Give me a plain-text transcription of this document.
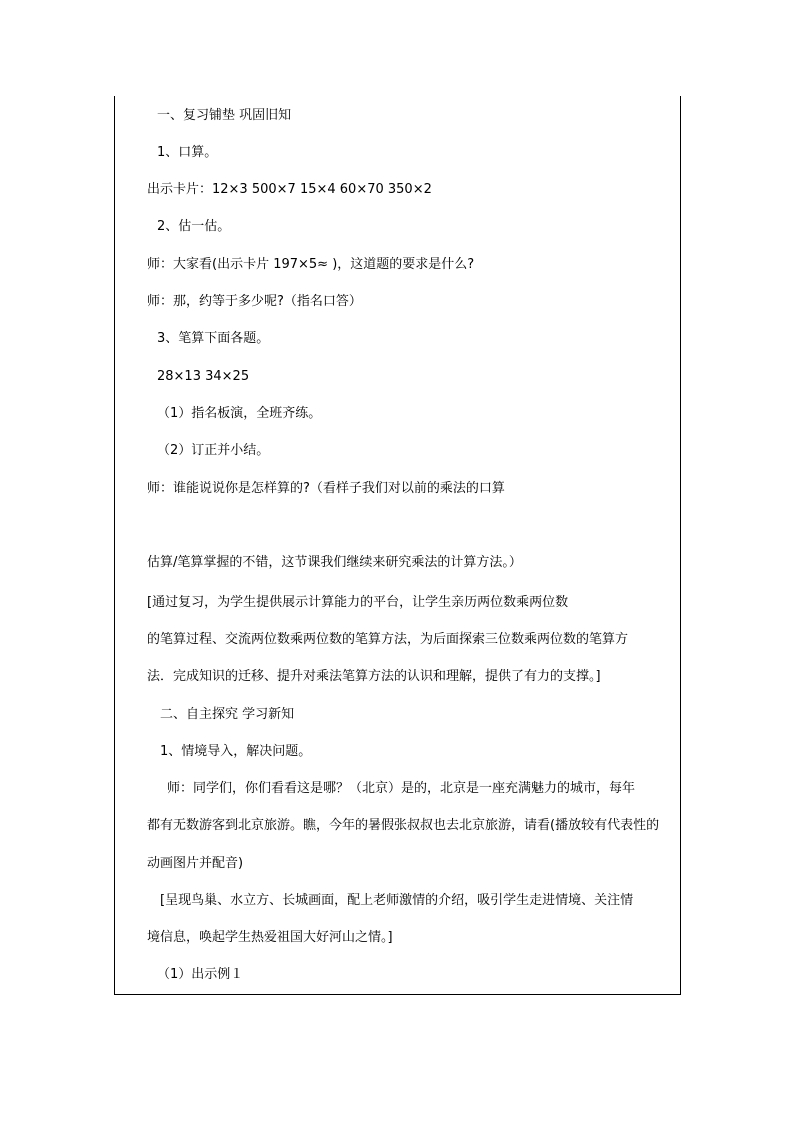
一、复习铺垫 巩固旧知
1、口算。
出示卡片：12×3 500×7 15×4 60×70 350×2
2、估一估。
师：大家看(出示卡片 197×5≈ )，这道题的要求是什么?
师：那，约等于多少呢?（指名口答）
3、笔算下面各题。
28×13 34×25
（1）指名板演，全班齐练。
（2）订正并小结。
师：谁能说说你是怎样算的?（看样子我们对以前的乘法的口算
估算/笔算掌握的不错，这节课我们继续来研究乘法的计算方法。）
[通过复习，为学生提供展示计算能力的平台，让学生亲历两位数乘两位数
的笔算过程、交流两位数乘两位数的笔算方法，为后面探索三位数乘两位数的笔算方
法．完成知识的迁移、提升对乘法笔算方法的认识和理解，提供了有力的支撑。]
二、自主探究 学习新知
1、情境导入，解决问题。
师：同学们，你们看看这是哪？（北京）是的，北京是一座充满魅力的城市，每年
都有无数游客到北京旅游。瞧，今年的暑假张叔叔也去北京旅游，请看(播放较有代表性的
动画图片并配音)
[呈现鸟巢、水立方、长城画面，配上老师激情的介绍，吸引学生走进情境、关注情
境信息，唤起学生热爱祖国大好河山之情。]
（1）出示例１
